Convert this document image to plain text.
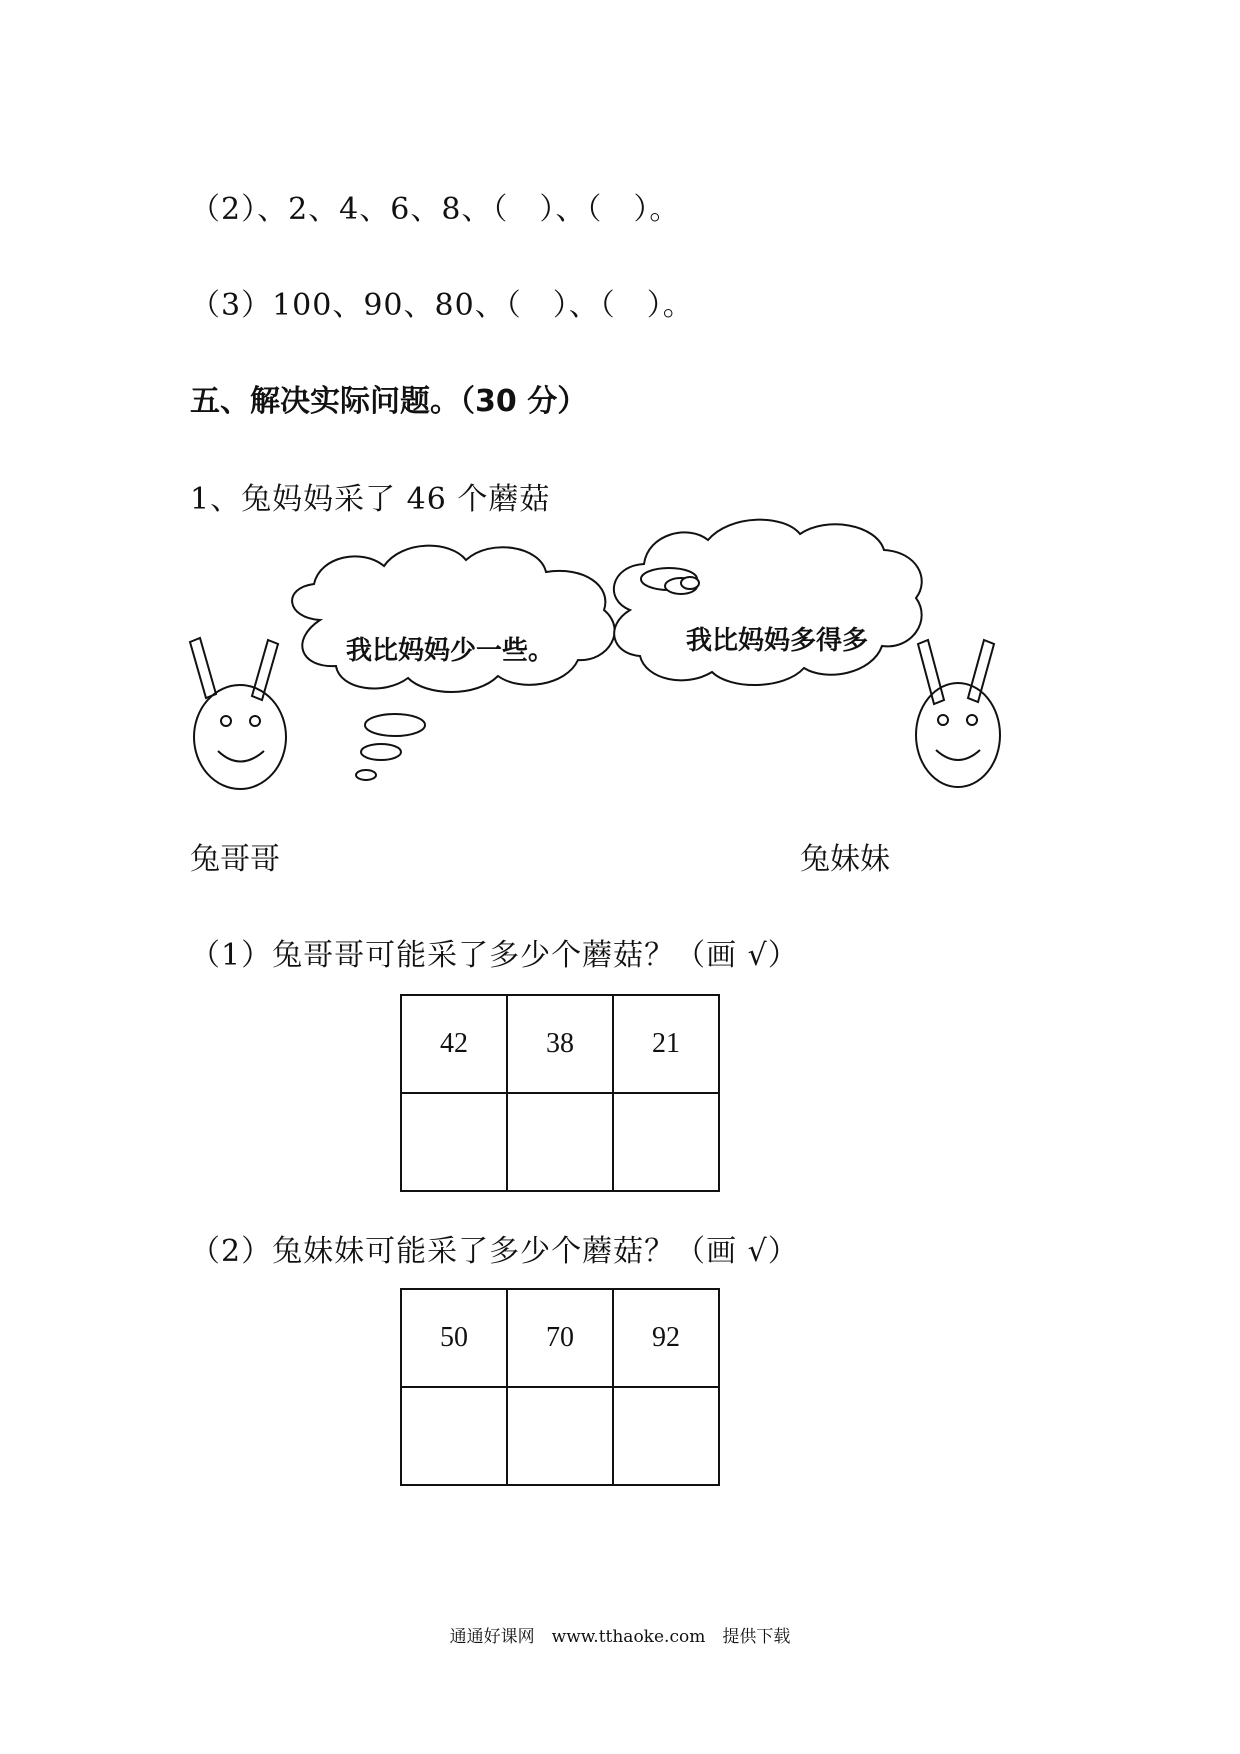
（2）、2、4、6、8、（　）、（　）。
（3）100、90、80、（　）、（　）。
五、解决实际问题。（30 分）
1、兔妈妈采了 46 个蘑菇
我比妈妈少一些。	我比妈妈多得多
兔哥哥	兔妹妹
（1）兔哥哥可能采了多少个蘑菇？（画 √）
42	38	21

（2）兔妹妹可能采了多少个蘑菇？（画 √）
50	70	92

通通好课网　www.tthaoke.com　提供下载
